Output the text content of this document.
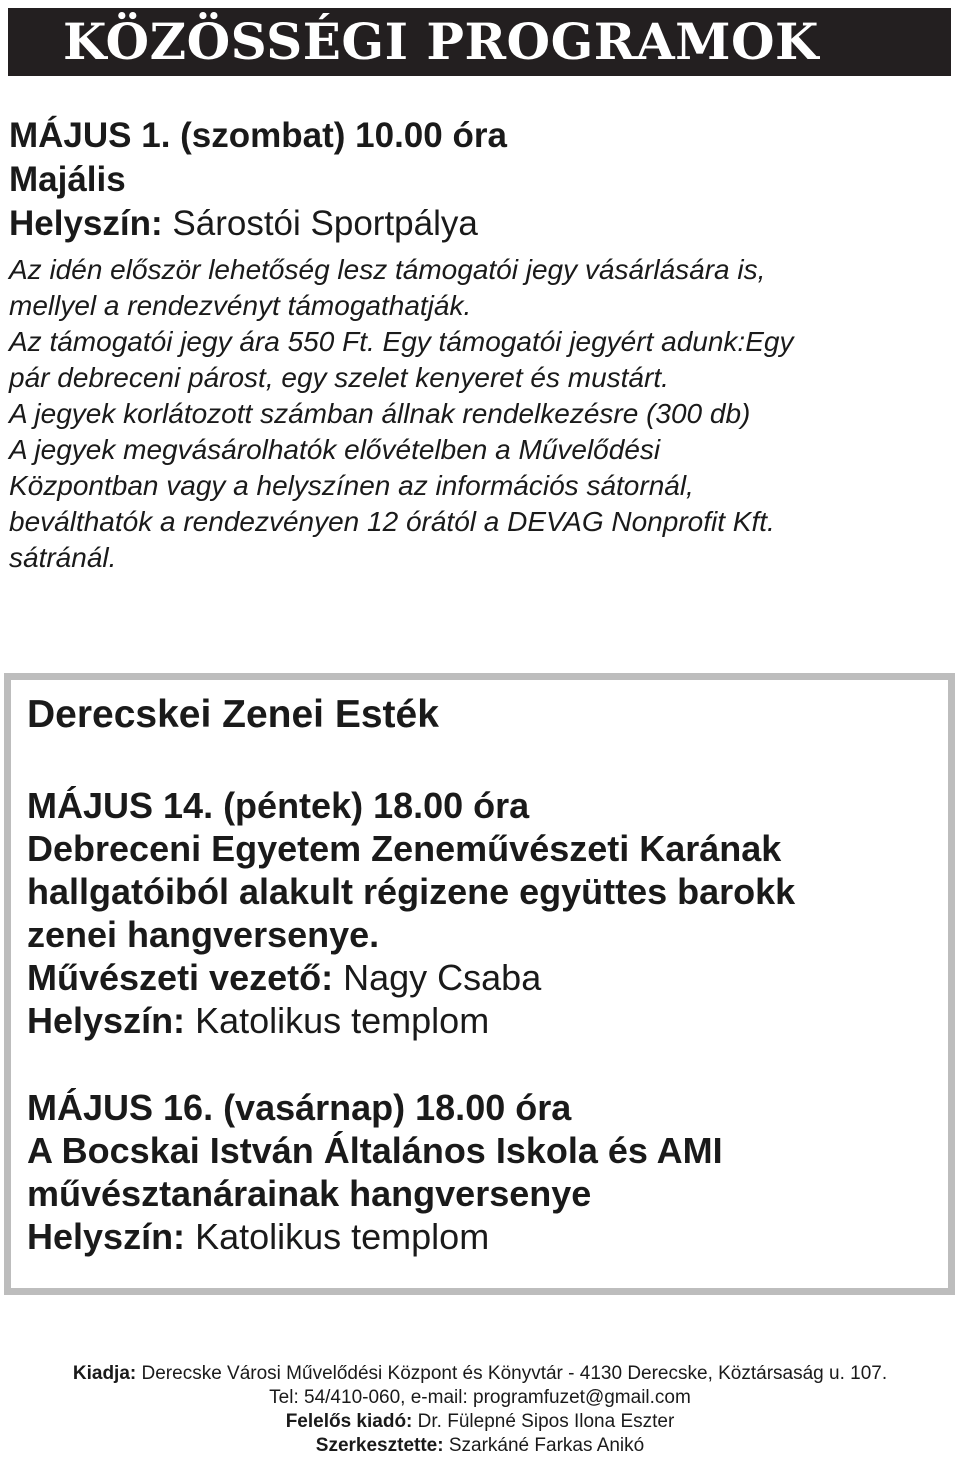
KÖZÖSSÉGI PROGRAMOK

MÁJUS 1. (szombat) 10.00 óra

Majális

Helyszín: Sárostói Sportpálya

Az idén először lehetőség lesz támogatói jegy vásárlására is,
mellyel a rendezvényt támogathatják.
Az támogatói jegy ára 550 Ft. Egy támogatói jegyért adunk:Egy
pár debreceni párost, egy szelet kenyeret és mustárt.
A jegyek korlátozott számban állnak rendelkezésre (300 db)
A jegyek megvásárolhatók elővételben a Művelődési
Központban vagy a helyszínen az információs sátornál,
beválthatók a rendezvényen 12 órától a DEVAG Nonprofit Kft.
sátránál.

Derecskei Zenei Esték

MÁJUS 14. (péntek) 18.00 óra

Debreceni Egyetem Zeneművészeti Karának

hallgatóiból alakult régizene együttes barokk

zenei hangversenye.

Művészeti vezető: Nagy Csaba

Helyszín: Katolikus templom

MÁJUS 16. (vasárnap) 18.00 óra

A Bocskai István Általános Iskola és AMI

művésztanárainak hangversenye

Helyszín: Katolikus templom

Kiadja: Derecske Városi Művelődési Központ és Könyvtár - 4130 Derecske, Köztársaság u. 107.
Tel: 54/410-060, e-mail: programfuzet@gmail.com
Felelős kiadó: Dr. Fülepné Sipos Ilona Eszter
Szerkesztette: Szarkáné Farkas Anikó
